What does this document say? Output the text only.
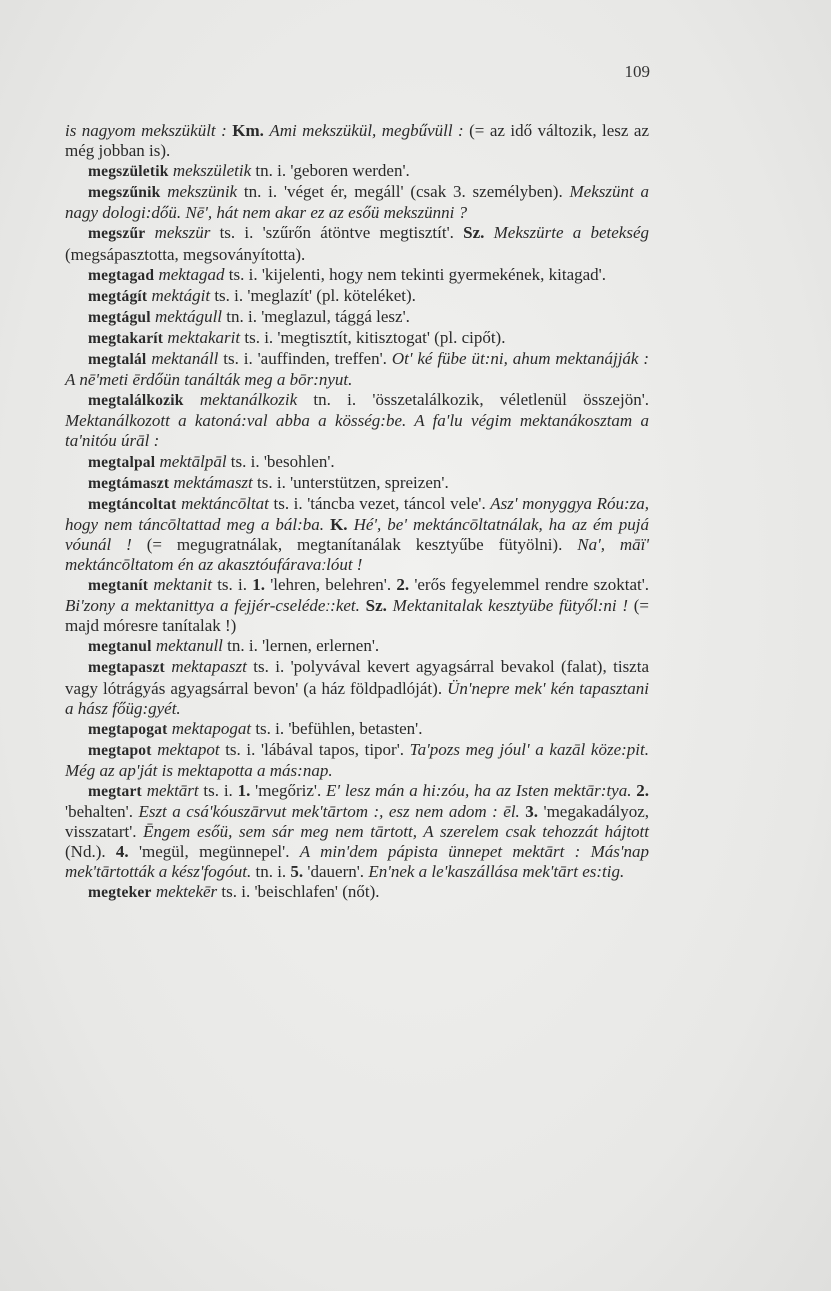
109

is nagyom mekszükült : Km. Ami mekszükül, megbűvüll : (= az idő változik, lesz az még jobban is).

megszületik mekszületik tn. i. 'geboren werden'.

megszűnik mekszünik tn. i. 'véget ér, megáll' (csak 3. személyben). Mekszünt a nagy dologi:dőü. Nē', hát nem akar ez az esőü mekszünni ?

megszűr mekszür ts. i. 'szűrőn átöntve megtisztít'. Sz. Mekszürte a betekség (megsápasztotta, megsoványította).

megtagad mektagad ts. i. 'kijelenti, hogy nem tekinti gyermekének, kitagad'.

megtágít mektágit ts. i. 'meglazít' (pl. köteléket).

megtágul mektágull tn. i. 'meglazul, tággá lesz'.

megtakarít mektakarit ts. i. 'megtisztít, kitisztogat' (pl. cipőt).

megtalál mektanáll ts. i. 'auffinden, treffen'. Ot' ké fübe üt:ni, ahum mektanájják : A nē'meti ērdőün tanálták meg a bōr:nyut.

megtalálkozik mektanálkozik tn. i. 'összetalálkozik, véletlenül összejön'. Mektanálkozott a katoná:val abba a kösség:be. A fa'lu végim mektanákosztam a ta'nitóu úrāl :

megtalpal mektālpāl ts. i. 'besohlen'.

megtámaszt mektámaszt ts. i. 'unterstützen, spreizen'.

megtáncoltat mektáncōltat ts. i. 'táncba vezet, táncol vele'. Asz' monyggya Róu:za, hogy nem táncōltattad meg a bál:ba. K. Hé', be' mektáncōltatnálak, ha az ém pujá vóunál ! (= megugratnálak, megtanítanálak kesztyűbe fütyölni). Na', māï' mektáncōltatom én az akasztóufáravaːlóut !

megtanít mektanit ts. i. 1. 'lehren, belehren'. 2. 'erős fegyelemmel rendre szoktat'. Bi'zony a mektanittya a fejjér-cselédeː:ket. Sz. Mektanitalak kesztyübe fütyől:ni ! (= majd móresre tanítalak !)

megtanul mektanull tn. i. 'lernen, erlernen'.

megtapaszt mektapaszt ts. i. 'polyvával kevert agyagsárral bevakol (falat), tiszta vagy lótrágyás agyagsárral bevon' (a ház földpadlóját). Ün'nepre mek' kén tapasztani a hász főüg:gyét.

megtapogat mektapogat ts. i. 'befühlen, betasten'.

megtapot mektapot ts. i. 'lábával tapos, tipor'. Ta'pozs meg jóul' a kazāl köze:pit. Még az ap'ját is mektapotta a más:nap.

megtart mektārt ts. i. 1. 'megőriz'. E' lesz mán a hi:zóu, ha az Isten mektār:tya. 2. 'behalten'. Eszt a csá'kóuszārvut mek'tārtom :, esz nem adom : ēl. 3. 'megakadályoz, visszatart'. Ēngem esőü, sem sár meg nem tārtott, A szerelem csak tehozzát hájtott (Nd.). 4. 'megül, megünnepel'. A min'dem pápista ünnepet mektārt : Más'nap mek'tārtották a kész'fogóut. tn. i. 5. 'dauern'. En'nek a le'kaszállása mek'tārt es:tig.

megteker mektekēr ts. i. 'beischlafen' (nőt).
